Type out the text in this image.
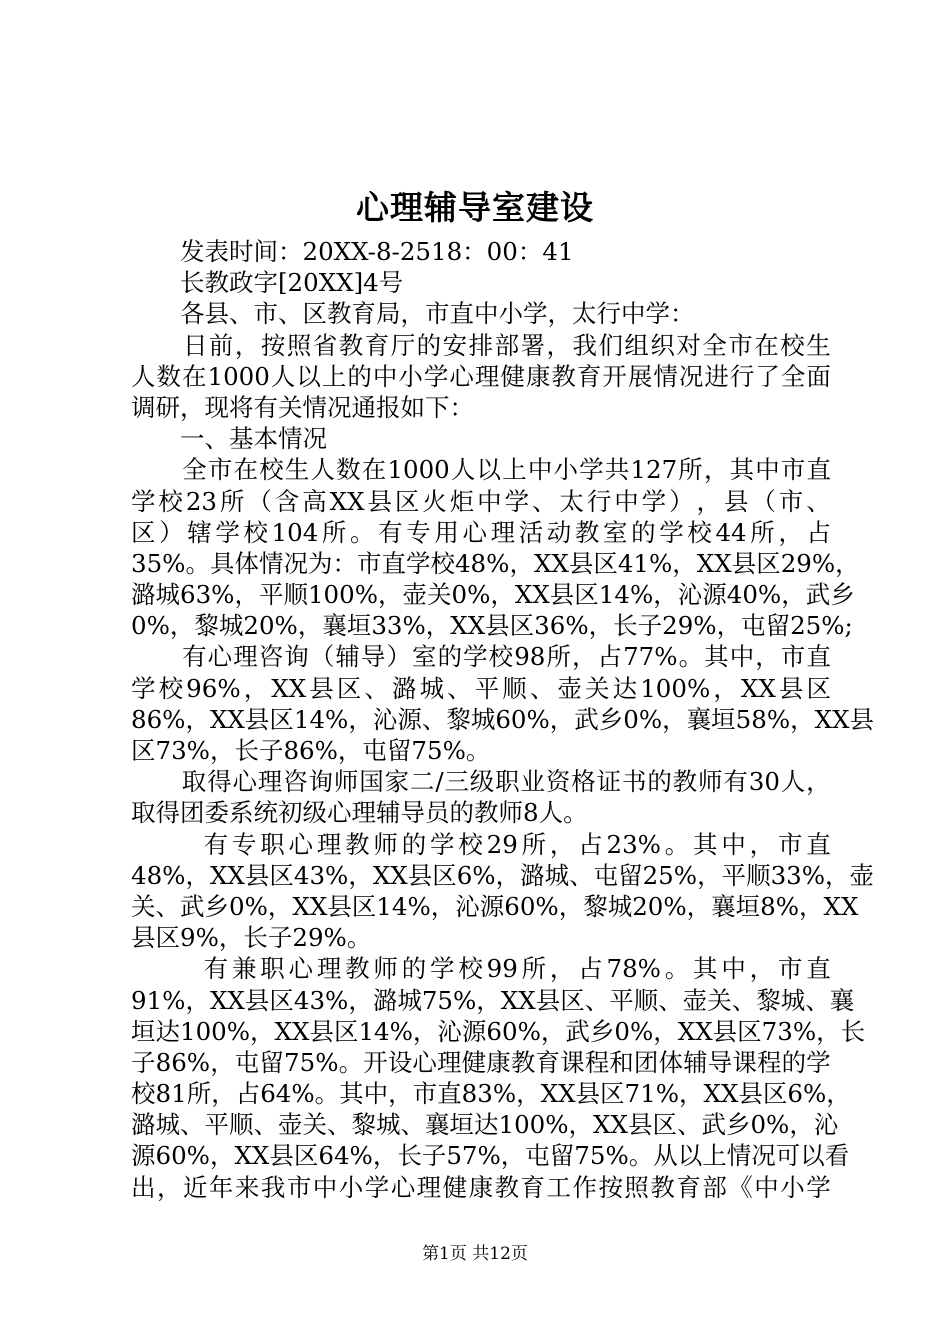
心理辅导室建设
　　发表时间：20XX-8-2518：00：41
　　长教政字[20XX]4号
　　各县、市、区教育局，市直中小学，太行中学：

日 前 ， 按 照 省 教 育 厅 的 安 排 部 署 ， 我 们 组 织 对 全 市 在 校 生
人 数 在 1000 人 以 上 的 中 小 学 心 理 健 康 教 育 开 展 情 况 进 行 了 全 面
调研，现将有关情况通报如下：
　　一、基本情况

全 市 在 校 生 人 数 在 1000 人 以 上 中 小 学 共 127 所 ， 其 中 市 直
学 校 23 所 （ 含 高 XX 县 区 火 炬 中 学 、 太 行 中 学 ） ， 县 （ 市 、
区 ） 辖 学 校 104 所 。 有 专 用 心 理 活 动 教 室 的 学 校 44 所 ， 占
35% 。 具 体 情 况 为 ： 市 直 学 校 48% ， XX 县 区 41% ， XX 县 区 29% ，
潞 城 63% ， 平 顺 100% ， 壶 关 0% ， XX 县 区 14% ， 沁 源 40% ， 武 乡
0%，黎城20%，襄垣33%，XX县区36%，长子29%，屯留25%;

有 心 理 咨 询 （ 辅 导 ） 室 的 学 校 98 所 ， 占 77% 。 其 中 ， 市 直
学 校 96% ， XX 县 区 、 潞 城 、 平 顺 、 壶 关 达 100% ， XX 县 区
86% ， XX 县 区 14% ， 沁 源 、 黎 城 60% ， 武 乡 0% ， 襄 垣 58% ， XX 县
区73%，长子86%，屯留75%。

取 得 心 理 咨 询 师 国 家 二 / 三 级 职 业 资 格 证 书 的 教 师 有 30 人 ，
取得团委系统初级心理辅导员的教师8人。

有 专 职 心 理 教 师 的 学 校 29 所 ， 占 23% 。 其 中 ， 市 直
48% ， XX 县 区 43% ， XX 县 区 6% ， 潞 城 、 屯 留 25% ， 平 顺 33% ， 壶
关 、 武 乡 0% ， XX 县 区 14% ， 沁 源 60% ， 黎 城 20% ， 襄 垣 8% ， XX
县区9%，长子29%。

有 兼 职 心 理 教 师 的 学 校 99 所 ， 占 78% 。 其 中 ， 市 直
91% ， XX 县 区 43% ， 潞 城 75% ， XX 县 区 、 平 顺 、 壶 关 、 黎 城 、 襄
垣 达 100% ， XX 县 区 14% ， 沁 源 60% ， 武 乡 0% ， XX 县 区 73% ， 长
子 86% ， 屯 留 75% 。 开 设 心 理 健 康 教 育 课 程 和 团 体 辅 导 课 程 的 学
校 81 所 ， 占 64% 。 其 中 ， 市 直 83% ， XX 县 区 71% ， XX 县 区 6% ，
潞 城 、 平 顺 、 壶 关 、 黎 城 、 襄 垣 达 100% ， XX 县 区 、 武 乡 0% ， 沁
源 60% ， XX 县 区 64% ， 长 子 57% ， 屯 留 75% 。 从 以 上 情 况 可 以 看
出 ， 近 年 来 我 市 中 小 学 心 理 健 康 教 育 工 作 按 照 教 育 部 《 中 小 学
第1页 共12页
